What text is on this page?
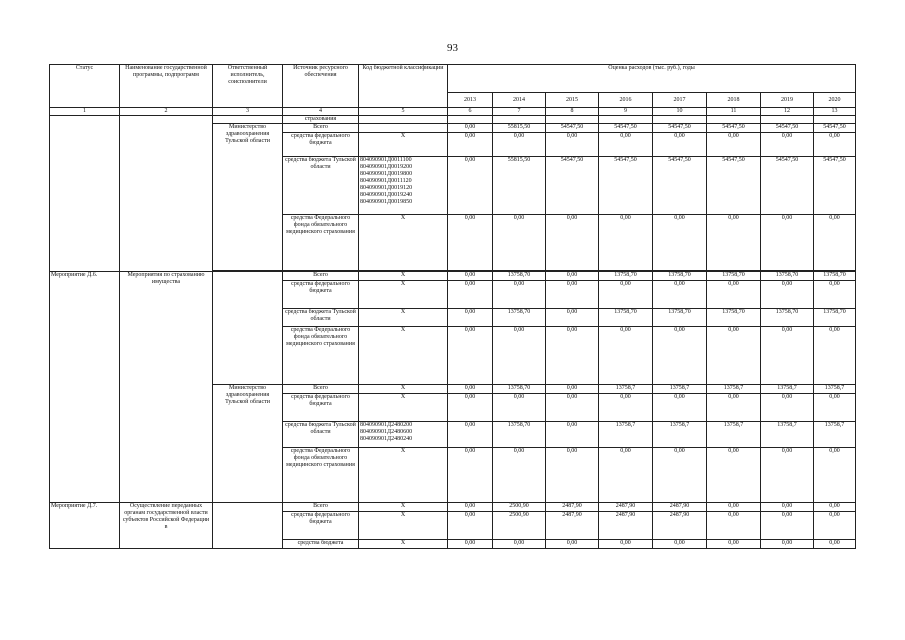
93
Статус	Наименование государственной программы, подпрограмм	Ответственный исполнитель, соисполнители	Источник ресурсного обеспечения	Код бюджетной классификации	Оценка расходов (тыс. руб.), годы							
					2013	2014	2015	2016	2017	2018	2019	2020
1	2	3	4	5	6	7	8	9	10	11	12	13
			страхования									
		Министерство здравоохранения Тульской области	Всего		0,00	55815,50	54547,50	54547,50	54547,50	54547,50	54547,50	54547,50
			средства федерального бюджета	X	0,00	0,00	0,00	0,00	0,00	0,00	0,00	0,00
			средства бюджета Тульской области	804090901Д0011100 804090901Д0019200 804090901Д0019800 804090901Д0011120 804090901Д0019120 804090901Д0019240 804090901Д0019850	0,00	55815,50	54547,50	54547,50	54547,50	54547,50	54547,50	54547,50
			средства Федерального фонда обязательного медицинского страхования	X	0,00	0,00	0,00	0,00	0,00	0,00	0,00	0,00

Мероприятие Д.6.	Мероприятия по страхованию имущества		Всего	X	0,00	13758,70	0,00	13758,70	13758,70	13758,70	13758,70	13758,70
			средства федерального бюджета	X	0,00	0,00	0,00	0,00	0,00	0,00	0,00	0,00
			средства бюджета Тульской области	X	0,00	13758,70	0,00	13758,70	13758,70	13758,70	13758,70	13758,70
			средства Федерального фонда обязательного медицинского страхования	X	0,00	0,00	0,00	0,00	0,00	0,00	0,00	0,00
		Министерство здравоохранения Тульской области	Всего	X	0,00	13758,70	0,00	13758,7	13758,7	13758,7	13758,7	13758,7
			средства федерального бюджета	X	0,00	0,00	0,00	0,00	0,00	0,00	0,00	0,00
			средства бюджета Тульской области	804090901Д2480200 804090901Д2480600 804090901Д2480240	0,00	13758,70	0,00	13758,7	13758,7	13758,7	13758,7	13758,7
			средства Федерального фонда обязательного медицинского страхования	X	0,00	0,00	0,00	0,00	0,00	0,00	0,00	0,00
Мероприятие Д.7.	Осуществление переданных органам государственной власти субъектов Российской Федерации в		Всего	X	0,00	2500,90	2487,90	2487,90	2487,90	0,00	0,00	0,00
			средства федерального бюджета	X	0,00	2500,90	2487,90	2487,90	2487,90	0,00	0,00	0,00
			средства бюджета	X	0,00	0,00	0,00	0,00	0,00	0,00	0,00	0,00
